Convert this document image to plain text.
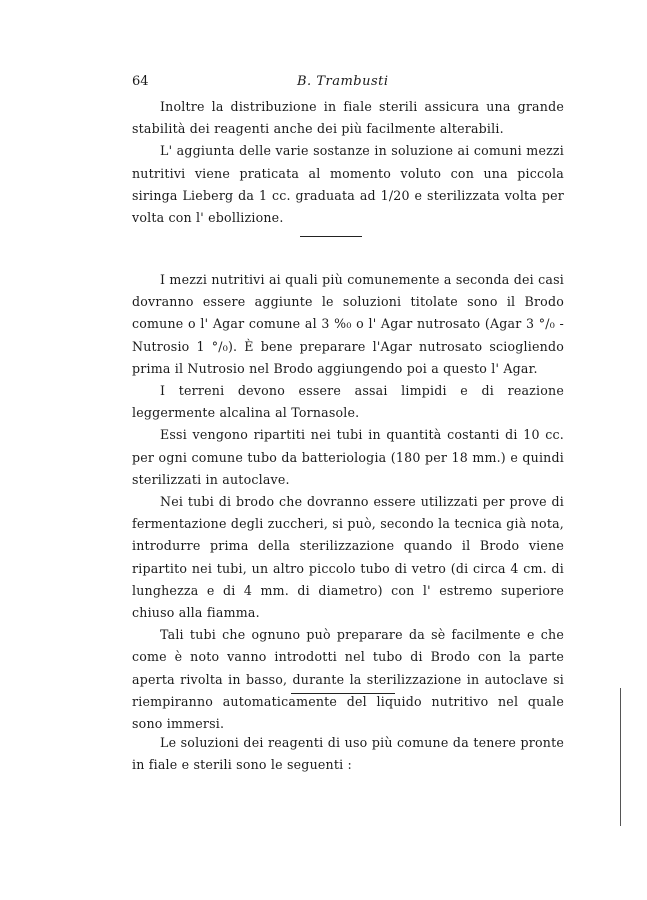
64	B. Trambusti

Inoltre la distribuzione in fiale sterili assicura una grande stabilità dei reagenti anche dei più facilmente alterabili.

L' aggiunta delle varie sostanze in soluzione ai comuni mezzi nutritivi viene praticata al momento voluto con una piccola siringa Lieberg da 1 cc. graduata ad 1/20 e sterilizzata volta per volta con l' ebollizione.

I mezzi nutritivi ai quali più comunemente a seconda dei casi dovranno essere aggiunte le soluzioni titolate sono il Brodo comune o l' Agar comune al 3 %₀ o l' Agar nutrosato (Agar 3 °/₀ - Nutrosio 1 °/₀). È bene preparare l'Agar nutrosato sciogliendo prima il Nutrosio nel Brodo aggiungendo poi a questo l' Agar.

I terreni devono essere assai limpidi e di reazione leggermente alcalina al Tornasole.

Essi vengono ripartiti nei tubi in quantità costanti di 10 cc. per ogni comune tubo da batteriologia (180 per 18 mm.) e quindi sterilizzati in autoclave.

Nei tubi di brodo che dovranno essere utilizzati per prove di fermentazione degli zuccheri, si può, secondo la tecnica già nota, introdurre prima della sterilizzazione quando il Brodo viene ripartito nei tubi, un altro piccolo tubo di vetro (di circa 4 cm. di lunghezza e di 4 mm. di diametro) con l' estremo superiore chiuso alla fiamma.

Tali tubi che ognuno può preparare da sè facilmente e che come è noto vanno introdotti nel tubo di Brodo con la parte aperta rivolta in basso, durante la sterilizzazione in autoclave si riempiranno automaticamente del liquido nutritivo nel quale sono immersi.

Le soluzioni dei reagenti di uso più comune da tenere pronte in fiale e sterili sono le seguenti :
